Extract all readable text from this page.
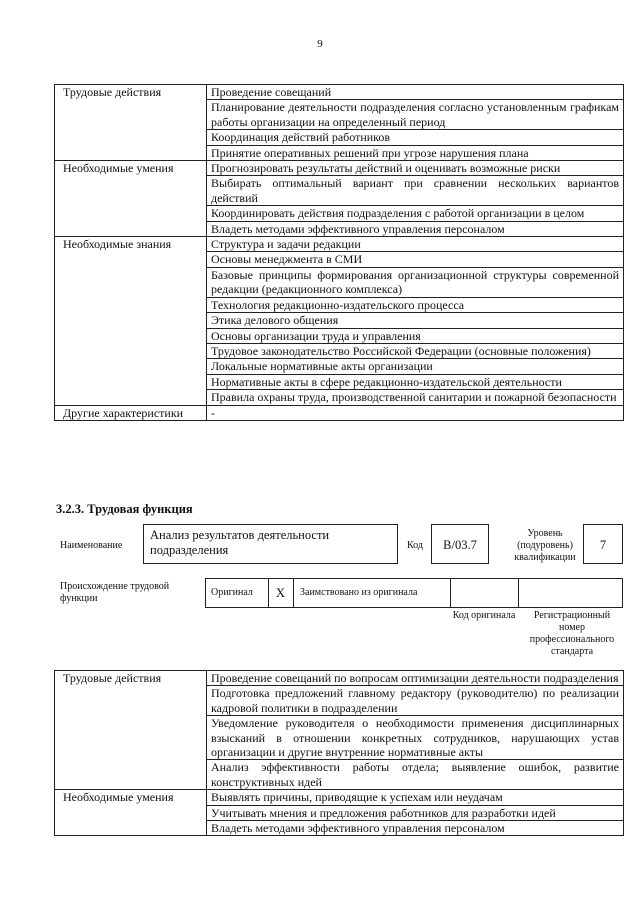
9
Трудовые действия	Проведение совещаний
	Планирование деятельности подразделения согласно установленным графикам работы организации на определенный период
	Координация действий работников
	Принятие оперативных решений при угрозе нарушения плана
Необходимые умения	Прогнозировать результаты действий и оценивать возможные риски
	Выбирать оптимальный вариант при сравнении нескольких вариантов действий
	Координировать действия подразделения с работой организации в целом
	Владеть методами эффективного управления персоналом
Необходимые знания	Структура и задачи редакции
	Основы менеджмента в СМИ
	Базовые принципы формирования организационной структуры современной редакции (редакционного комплекса)
	Технология редакционно-издательского процесса
	Этика делового общения
	Основы организации труда и управления
	Трудовое законодательство Российской Федерации (основные положения)
	Локальные нормативные акты организации
	Нормативные акты в сфере редакционно-издательской деятельности
	Правила охраны труда, производственной санитарии и пожарной безопасности
Другие характеристики	-
3.2.3. Трудовая функция
Наименование
Анализ результатов деятельности подразделения	Код	B/03.7
Уровень (подуровень) квалификации
7
Происхождение трудовой функции
Оригинал	X	Заимствовано из оригинала
Код оригинала	Регистрационный номер профессионального стандарта
Трудовые действия	Проведение совещаний по вопросам оптимизации деятельности подразделения
	Подготовка предложений главному редактору (руководителю) по реализации кадровой политики в подразделении
	Уведомление руководителя о необходимости применения дисциплинарных взысканий в отношении конкретных сотрудников, нарушающих устав организации и другие внутренние нормативные акты
	Анализ эффективности работы отдела; выявление ошибок, развитие конструктивных идей
Необходимые умения	Выявлять причины, приводящие к успехам или неудачам
	Учитывать мнения и предложения работников для разработки идей
	Владеть методами эффективного управления персоналом
